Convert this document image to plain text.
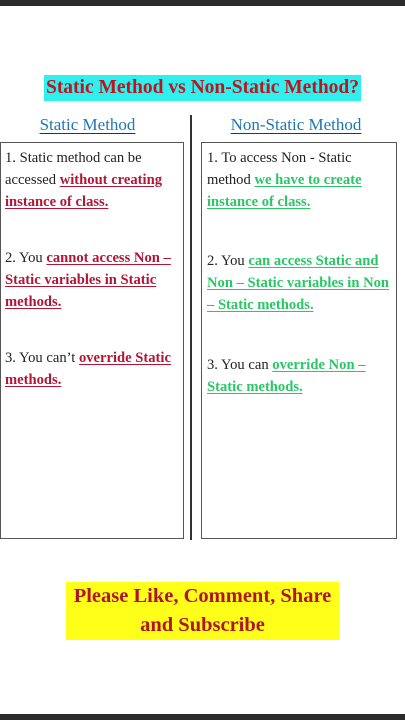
Static Method vs Non-Static Method?
Static Method	Non-Static Method

1. Static method can be accessed without creating instance of class.

2. You cannot access Non – Static variables in Static methods.

3. You can’t override Static methods.

1. To access Non - Static method we have to create instance of class.

2. You can access Static and Non – Static variables in Non – Static methods.

3. You can override Non – Static methods.

Please Like, Comment, Share and Subscribe
